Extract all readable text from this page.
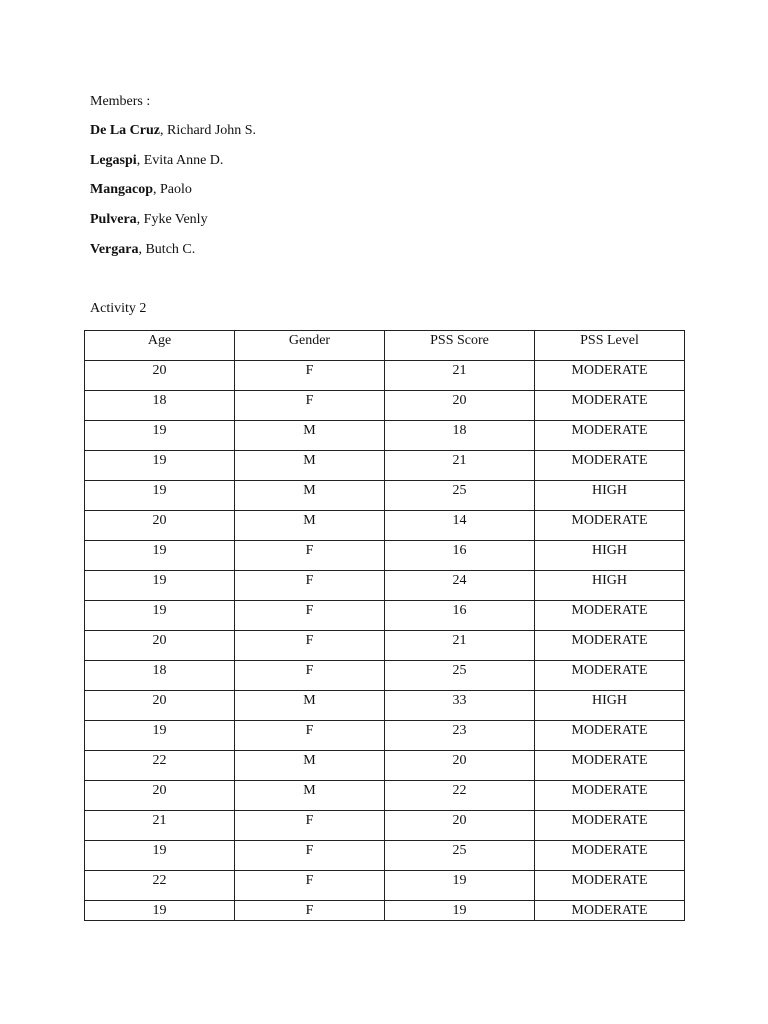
Members :
De La Cruz, Richard John S.
Legaspi, Evita Anne D.
Mangacop, Paolo
Pulvera, Fyke Venly
Vergara, Butch C.
Activity 2
Age	Gender	PSS Score	PSS Level
20	F	21	MODERATE
18	F	20	MODERATE
19	M	18	MODERATE
19	M	21	MODERATE
19	M	25	HIGH
20	M	14	MODERATE
19	F	16	HIGH
19	F	24	HIGH
19	F	16	MODERATE
20	F	21	MODERATE
18	F	25	MODERATE
20	M	33	HIGH
19	F	23	MODERATE
22	M	20	MODERATE
20	M	22	MODERATE
21	F	20	MODERATE
19	F	25	MODERATE
22	F	19	MODERATE
19	F	19	MODERATE
